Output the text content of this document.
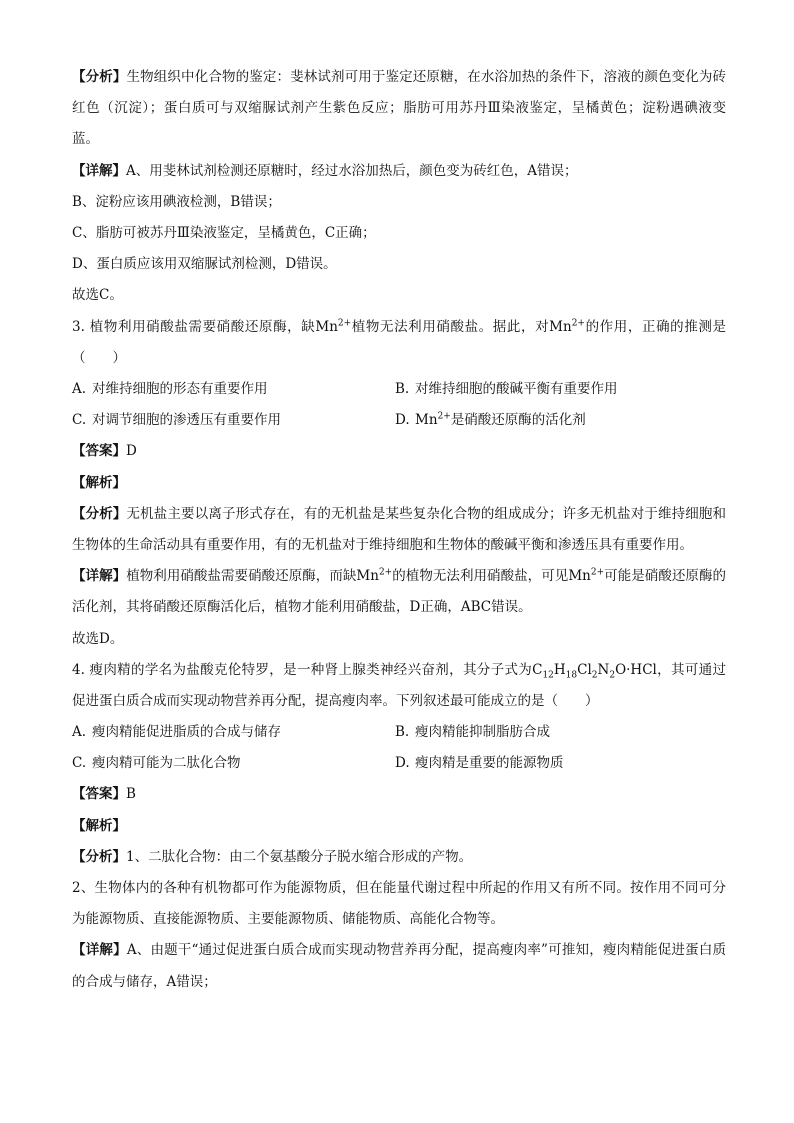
【分析】生物组织中化合物的鉴定：斐林试剂可用于鉴定还原糖，在水浴加热的条件下，溶液的颜色变化为砖红色（沉淀）；蛋白质可与双缩脲试剂产生紫色反应；脂肪可用苏丹Ⅲ染液鉴定，呈橘黄色；淀粉遇碘液变蓝。
【详解】A、用斐林试剂检测还原糖时，经过水浴加热后，颜色变为砖红色，A错误；
B、淀粉应该用碘液检测，B错误；
C、脂肪可被苏丹Ⅲ染液鉴定，呈橘黄色，C正确；
D、蛋白质应该用双缩脲试剂检测，D错误。
故选C。
3. 植物利用硝酸盐需要硝酸还原酶，缺$Mn^{2+}$植物无法利用硝酸盐。据此，对$Mn^{2+}$的作用，正确的推测是（　　）
A. 对维持细胞的形态有重要作用	B. 对维持细胞的酸碱平衡有重要作用
C. 对调节细胞的渗透压有重要作用	D. $Mn^{2+}$是硝酸还原酶的活化剂
【答案】D
【解析】
【分析】无机盐主要以离子形式存在，有的无机盐是某些复杂化合物的组成成分；许多无机盐对于维持细胞和生物体的生命活动具有重要作用，有的无机盐对于维持细胞和生物体的酸碱平衡和渗透压具有重要作用。
【详解】植物利用硝酸盐需要硝酸还原酶，而缺$Mn^{2+}$的植物无法利用硝酸盐，可见$Mn^{2+}$可能是硝酸还原酶的活化剂，其将硝酸还原酶活化后，植物才能利用硝酸盐，D正确，ABC错误。
故选D。
4. 瘦肉精的学名为盐酸克伦特罗，是一种肾上腺类神经兴奋剂，其分子式为$C_{12}H_{18}Cl_2N_2O\cdot HCl$，其可通过促进蛋白质合成而实现动物营养再分配，提高瘦肉率。下列叙述最可能成立的是（　　）
A. 瘦肉精能促进脂质的合成与储存	B. 瘦肉精能抑制脂肪合成
C. 瘦肉精可能为二肽化合物	D. 瘦肉精是重要的能源物质
【答案】B
【解析】
【分析】1、二肽化合物：由二个氨基酸分子脱水缩合形成的产物。
2、生物体内的各种有机物都可作为能源物质，但在能量代谢过程中所起的作用又有所不同。按作用不同可分为能源物质、直接能源物质、主要能源物质、储能物质、高能化合物等。
【详解】A、由题干“通过促进蛋白质合成而实现动物营养再分配，提高瘦肉率”可推知，瘦肉精能促进蛋白质的合成与储存，A错误；
